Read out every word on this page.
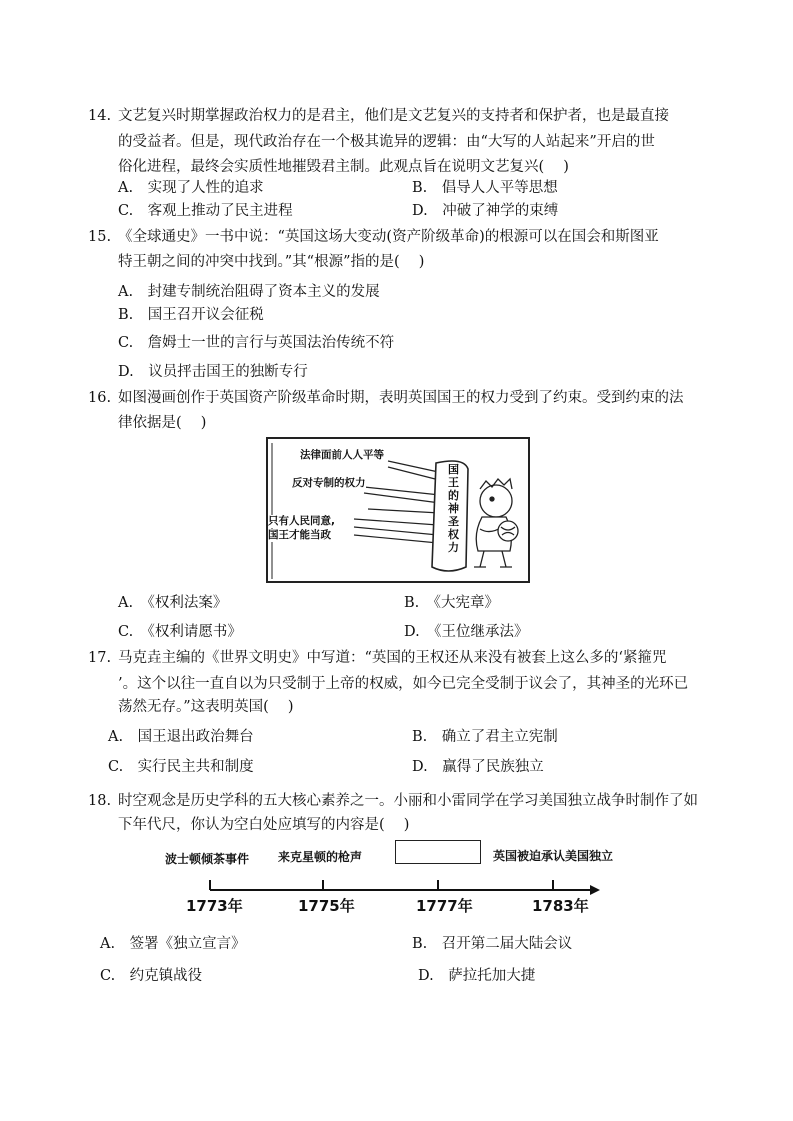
14. 文艺复兴时期掌握政治权力的是君主，他们是文艺复兴的支持者和保护者，也是最直接
的受益者。但是，现代政治存在一个极其诡异的逻辑：由“大写的人站起来”开启的世
俗化进程，最终会实质性地摧毁君主制。此观点旨在说明文艺复兴(　 )
A.　实现了人性的追求	B.　倡导人人平等思想
C.　客观上推动了民主进程	D.　冲破了神学的束缚
15. 《全球通史》一书中说：“英国这场大变动(资产阶级革命)的根源可以在国会和斯图亚
特王朝之间的冲突中找到。”其“根源”指的是(　 )
A.　封建专制统治阻碍了资本主义的发展
B.　国王召开议会征税
C.　詹姆士一世的言行与英国法治传统不符
D.　议员抨击国王的独断专行
16. 如图漫画创作于英国资产阶级革命时期，表明英国国王的权力受到了约束。受到约束的法
律依据是(　 )
法律面前人人平等
反对专制的权力
只有人民同意,
国王才能当政
国
王
的
神
圣
权
力
A.　《权利法案》	B.　《大宪章》
C.　《权利请愿书》	D.　《王位继承法》
17. 马克垚主编的《世界文明史》中写道：“英国的王权还从来没有被套上这么多的‘紧箍咒
’。这个以往一直自以为只受制于上帝的权威，如今已完全受制于议会了，其神圣的光环已
荡然无存。”这表明英国(　 )
A.　国王退出政治舞台	B.　确立了君主立宪制
C.　实行民主共和制度	D.　赢得了民族独立
18. 时空观念是历史学科的五大核心素养之一。小丽和小雷同学在学习美国独立战争时制作了如
下年代尺，你认为空白处应填写的内容是(　 )
波士顿倾茶事件 来克星顿的枪声	英国被迫承认美国独立
1773年	1775年	1777年	1783年
A.　签署《独立宣言》	B.　召开第二届大陆会议
C.　约克镇战役	D.　萨拉托加大捷
